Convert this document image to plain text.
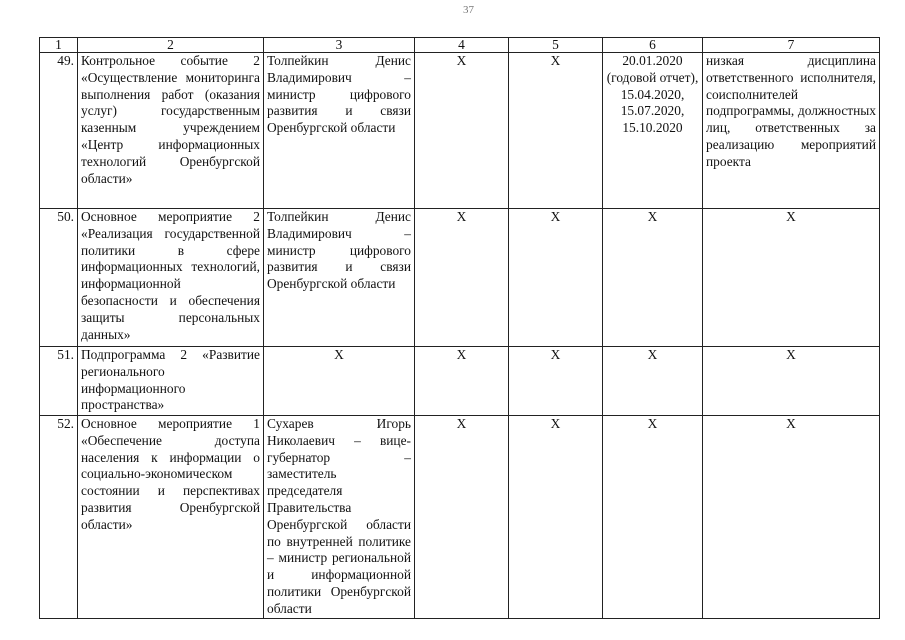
37
1	2	3	4	5	6	7
49.	Контрольное событие 2 «Осуществление мониторинга выполнения работ (оказания услуг) государственным казенным учреждением «Центр информационных технологий Оренбургской области»	Толпейкин Денис Владимирович – министр цифрового развития и связи Оренбургской области	X	X	20.01.2020 (годовой отчет), 15.04.2020, 15.07.2020, 15.10.2020	низкая дисциплина ответственного исполнителя, соисполнителей подпрограммы, должностных лиц, ответственных за реализацию мероприятий проекта
50.	Основное мероприятие 2 «Реализация государственной политики в сфере информационных технологий, информационной безопасности и обеспечения защиты персональных данных»	Толпейкин Денис Владимирович – министр цифрового развития и связи Оренбургской области	X	X	X	X
51.	Подпрограмма 2 «Развитие регионального информационного пространства»	X	X	X	X	X
52.	Основное мероприятие 1 «Обеспечение доступа населения к информации о социально-экономическом состоянии и перспективах развития Оренбургской области»	Сухарев Игорь Николаевич – вице-губернатор – заместитель председателя Правительства Оренбургской области по внутренней политике – министр региональной и информационной политики Оренбургской области	X	X	X	X
